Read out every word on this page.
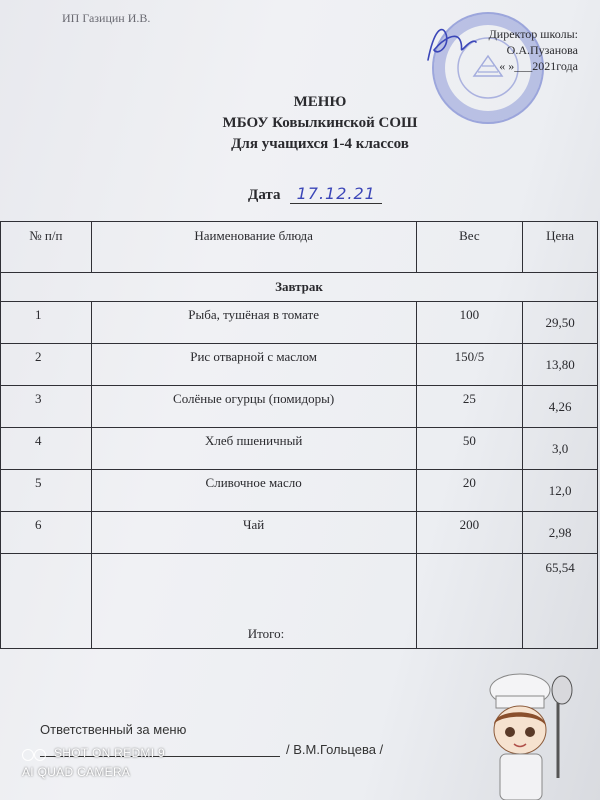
ИП Газицин И.В.
Директор школы:
О.А.Пузанова
« »___2021года
МЕНЮ
МБОУ Ковылкинской СОШ
Для учащихся 1-4 классов
Дата 17.12.21
№ п/п	Наименование блюда	Вес	Цена
Завтрак			
1	Рыба, тушёная в томате	100	29,50
2	Рис отварной с маслом	150/5	13,80
3	Солёные огурцы (помидоры)	25	4,26
4	Хлеб пшеничный	50	3,0
5	Сливочное масло	20	12,0
6	Чай	200	2,98

	Итого:		65,54
Ответственный за меню
/ В.М.Гольцева /
SHOT ON REDMI 9
AI QUAD CAMERA
